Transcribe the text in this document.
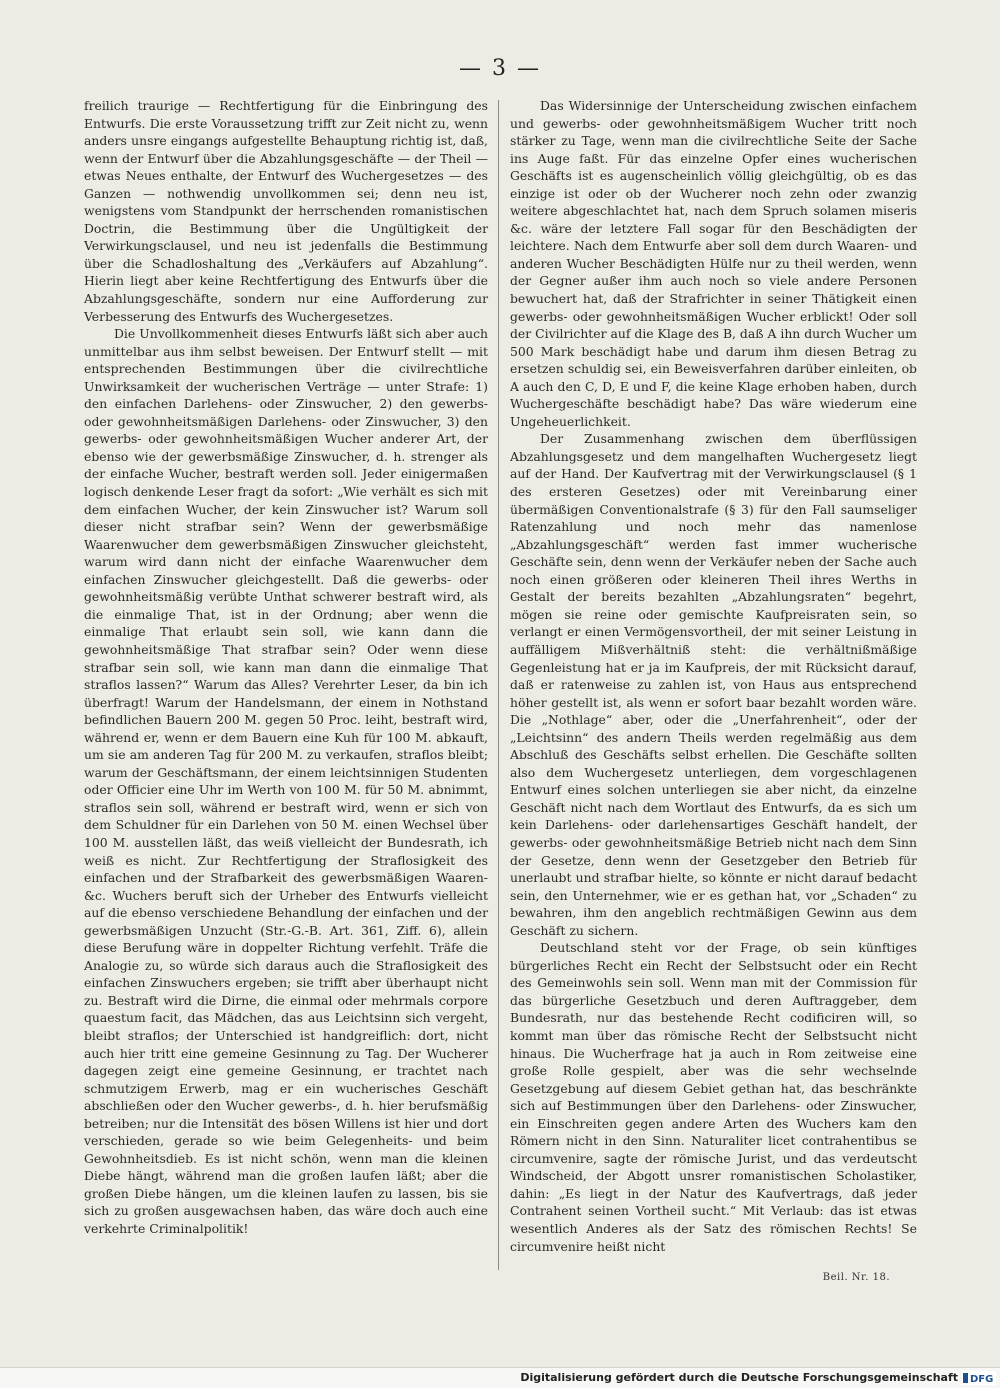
— 3 —

freilich traurige — Rechtfertigung für die Einbringung des Entwurfs. Die erste Voraussetzung trifft zur Zeit nicht zu, wenn anders unsre eingangs aufgestellte Behauptung richtig ist, daß, wenn der Entwurf über die Abzahlungsgeschäfte — der Theil — etwas Neues enthalte, der Entwurf des Wuchergesetzes — des Ganzen — nothwendig unvollkommen sei; denn neu ist, wenigstens vom Standpunkt der herrschenden romanistischen Doctrin, die Bestimmung über die Ungültigkeit der Verwirkungsclausel, und neu ist jedenfalls die Bestimmung über die Schadloshaltung des „Verkäufers auf Abzahlung“. Hierin liegt aber keine Rechtfertigung des Entwurfs über die Abzahlungsgeschäfte, sondern nur eine Aufforderung zur Verbesserung des Entwurfs des Wuchergesetzes.

Die Unvollkommenheit dieses Entwurfs läßt sich aber auch unmittelbar aus ihm selbst beweisen. Der Entwurf stellt — mit entsprechenden Bestimmungen über die civilrechtliche Unwirksamkeit der wucherischen Verträge — unter Strafe: 1) den einfachen Darlehens- oder Zinswucher, 2) den gewerbs- oder gewohnheitsmäßigen Darlehens- oder Zinswucher, 3) den gewerbs- oder gewohnheitsmäßigen Wucher anderer Art, der ebenso wie der gewerbsmäßige Zinswucher, d. h. strenger als der einfache Wucher, bestraft werden soll. Jeder einigermaßen logisch denkende Leser fragt da sofort: „Wie verhält es sich mit dem einfachen Wucher, der kein Zinswucher ist? Warum soll dieser nicht strafbar sein? Wenn der gewerbsmäßige Waarenwucher dem gewerbsmäßigen Zinswucher gleichsteht, warum wird dann nicht der einfache Waarenwucher dem einfachen Zinswucher gleichgestellt. Daß die gewerbs- oder gewohnheitsmäßig verübte Unthat schwerer bestraft wird, als die einmalige That, ist in der Ordnung; aber wenn die einmalige That erlaubt sein soll, wie kann dann die gewohnheitsmäßige That strafbar sein? Oder wenn diese strafbar sein soll, wie kann man dann die einmalige That straflos lassen?“ Warum das Alles? Verehrter Leser, da bin ich überfragt! Warum der Handelsmann, der einem in Nothstand befindlichen Bauern 200 M. gegen 50 Proc. leiht, bestraft wird, während er, wenn er dem Bauern eine Kuh für 100 M. abkauft, um sie am anderen Tag für 200 M. zu verkaufen, straflos bleibt; warum der Geschäftsmann, der einem leichtsinnigen Studenten oder Officier eine Uhr im Werth von 100 M. für 50 M. abnimmt, straflos sein soll, während er bestraft wird, wenn er sich von dem Schuldner für ein Darlehen von 50 M. einen Wechsel über 100 M. ausstellen läßt, das weiß vielleicht der Bundesrath, ich weiß es nicht. Zur Rechtfertigung der Straflosigkeit des einfachen und der Strafbarkeit des gewerbsmäßigen Waaren- &c. Wuchers beruft sich der Urheber des Entwurfs vielleicht auf die ebenso verschiedene Behandlung der einfachen und der gewerbsmäßigen Unzucht (Str.-G.-B. Art. 361, Ziff. 6), allein diese Berufung wäre in doppelter Richtung verfehlt. Träfe die Analogie zu, so würde sich daraus auch die Straflosigkeit des einfachen Zinswuchers ergeben; sie trifft aber überhaupt nicht zu. Bestraft wird die Dirne, die einmal oder mehrmals corpore quaestum facit, das Mädchen, das aus Leichtsinn sich vergeht, bleibt straflos; der Unterschied ist handgreiflich: dort, nicht auch hier tritt eine gemeine Gesinnung zu Tag. Der Wucherer dagegen zeigt eine gemeine Gesinnung, er trachtet nach schmutzigem Erwerb, mag er ein wucherisches Geschäft abschließen oder den Wucher gewerbs-, d. h. hier berufsmäßig betreiben; nur die Intensität des bösen Willens ist hier und dort verschieden, gerade so wie beim Gelegenheits- und beim Gewohnheitsdieb. Es ist nicht schön, wenn man die kleinen Diebe hängt, während man die großen laufen läßt; aber die großen Diebe hängen, um die kleinen laufen zu lassen, bis sie sich zu großen ausgewachsen haben, das wäre doch auch eine verkehrte Criminalpolitik!

Das Widersinnige der Unterscheidung zwischen einfachem und gewerbs- oder gewohnheitsmäßigem Wucher tritt noch stärker zu Tage, wenn man die civilrechtliche Seite der Sache ins Auge faßt. Für das einzelne Opfer eines wucherischen Geschäfts ist es augenscheinlich völlig gleichgültig, ob es das einzige ist oder ob der Wucherer noch zehn oder zwanzig weitere abgeschlachtet hat, nach dem Spruch solamen miseris &c. wäre der letztere Fall sogar für den Beschädigten der leichtere. Nach dem Entwurfe aber soll dem durch Waaren- und anderen Wucher Beschädigten Hülfe nur zu theil werden, wenn der Gegner außer ihm auch noch so viele andere Personen bewuchert hat, daß der Strafrichter in seiner Thätigkeit einen gewerbs- oder gewohnheitsmäßigen Wucher erblickt! Oder soll der Civilrichter auf die Klage des B, daß A ihn durch Wucher um 500 Mark beschädigt habe und darum ihm diesen Betrag zu ersetzen schuldig sei, ein Beweisverfahren darüber einleiten, ob A auch den C, D, E und F, die keine Klage erhoben haben, durch Wuchergeschäfte beschädigt habe? Das wäre wiederum eine Ungeheuerlichkeit.

Der Zusammenhang zwischen dem überflüssigen Abzahlungsgesetz und dem mangelhaften Wuchergesetz liegt auf der Hand. Der Kaufvertrag mit der Verwirkungsclausel (§ 1 des ersteren Gesetzes) oder mit Vereinbarung einer übermäßigen Conventionalstrafe (§ 3) für den Fall saumseliger Ratenzahlung und noch mehr das namenlose „Abzahlungsgeschäft“ werden fast immer wucherische Geschäfte sein, denn wenn der Verkäufer neben der Sache auch noch einen größeren oder kleineren Theil ihres Werths in Gestalt der bereits bezahlten „Abzahlungsraten“ begehrt, mögen sie reine oder gemischte Kaufpreisraten sein, so verlangt er einen Vermögensvortheil, der mit seiner Leistung in auffälligem Mißverhältniß steht: die verhältnißmäßige Gegenleistung hat er ja im Kaufpreis, der mit Rücksicht darauf, daß er ratenweise zu zahlen ist, von Haus aus entsprechend höher gestellt ist, als wenn er sofort baar bezahlt worden wäre. Die „Nothlage“ aber, oder die „Unerfahrenheit“, oder der „Leichtsinn“ des andern Theils werden regelmäßig aus dem Abschluß des Geschäfts selbst erhellen. Die Geschäfte sollten also dem Wuchergesetz unterliegen, dem vorgeschlagenen Entwurf eines solchen unterliegen sie aber nicht, da einzelne Geschäft nicht nach dem Wortlaut des Entwurfs, da es sich um kein Darlehens- oder darlehensartiges Geschäft handelt, der gewerbs- oder gewohnheitsmäßige Betrieb nicht nach dem Sinn der Gesetze, denn wenn der Gesetzgeber den Betrieb für unerlaubt und strafbar hielte, so könnte er nicht darauf bedacht sein, den Unternehmer, wie er es gethan hat, vor „Schaden“ zu bewahren, ihm den angeblich rechtmäßigen Gewinn aus dem Geschäft zu sichern.

Deutschland steht vor der Frage, ob sein künftiges bürgerliches Recht ein Recht der Selbstsucht oder ein Recht des Gemeinwohls sein soll. Wenn man mit der Commission für das bürgerliche Gesetzbuch und deren Auftraggeber, dem Bundesrath, nur das bestehende Recht codificiren will, so kommt man über das römische Recht der Selbstsucht nicht hinaus. Die Wucherfrage hat ja auch in Rom zeitweise eine große Rolle gespielt, aber was die sehr wechselnde Gesetzgebung auf diesem Gebiet gethan hat, das beschränkte sich auf Bestimmungen über den Darlehens- oder Zinswucher, ein Einschreiten gegen andere Arten des Wuchers kam den Römern nicht in den Sinn. Naturaliter licet contrahentibus se circumvenire, sagte der römische Jurist, und das verdeutscht Windscheid, der Abgott unsrer romanistischen Scholastiker, dahin: „Es liegt in der Natur des Kaufvertrags, daß jeder Contrahent seinen Vortheil sucht.“ Mit Verlaub: das ist etwas wesentlich Anderes als der Satz des römischen Rechts! Se circumvenire heißt nicht

Beil. Nr. 18.
Digitalisierung gefördert durch die Deutsche Forschungsgemeinschaft DFG
